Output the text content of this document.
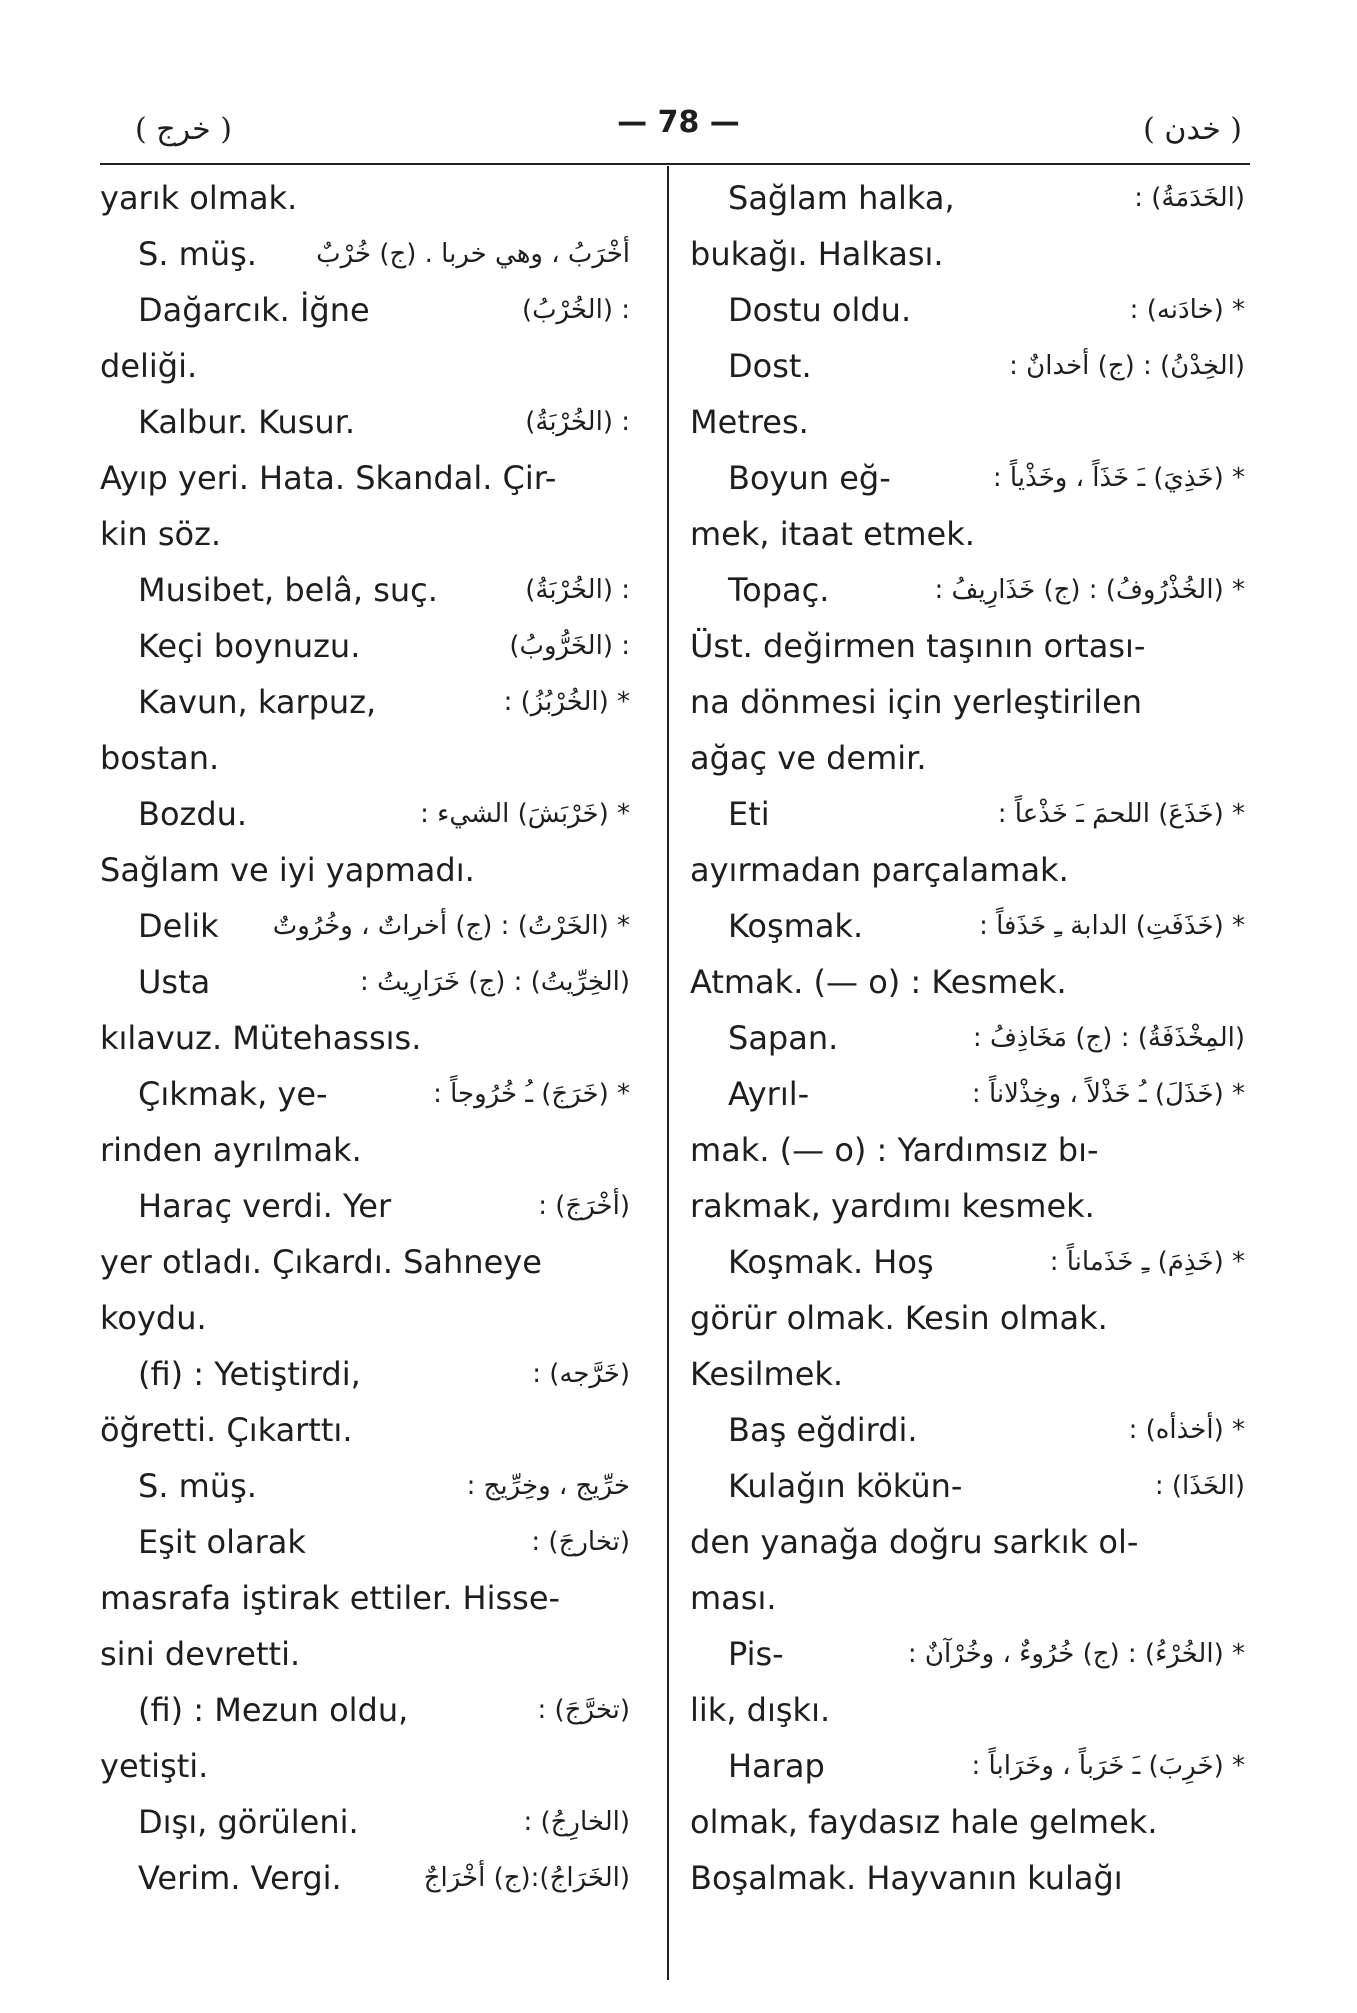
( خرج )	— 78 —	( خدن )
yarık olmak.
S. müş. أخْرَبُ ، وهي خربا . (ج) خُرْبٌ
Dağarcık. İğne	: (الخُرْبُ)
deliği.
Kalbur. Kusur.	: (الخُرْبَةُ)
Ayıp yeri. Hata. Skandal. Çir-
kin söz.
Musibet, belâ, suç.	: (الخُرْبَةُ)
Keçi boynuzu.	: (الخَرُّوبُ)
Kavun, karpuz,	* (الخُرْبُزُ) :
bostan.
Bozdu.	* (خَرْبَشَ) الشيء :
Sağlam ve iyi yapmadı.
Delik * (الخَرْتُ) : (ج) أخراتٌ ، وخُرُوتٌ
Usta	(الخِرِّيتُ) : (ج) خَرَارِيتُ :
kılavuz. Mütehassıs.
Çıkmak, ye-	* (خَرَجَ) ـُ خُرُوجاً :
rinden ayrılmak.
Haraç verdi. Yer	(أخْرَجَ) :
yer otladı. Çıkardı. Sahneye
koydu.
(fi) : Yetiştirdi,	(خَرَّجه) :
öğretti. Çıkarttı.
S. müş.	خرِّيج ، وخِرِّيج :
Eşit olarak	(تخارجَ) :
masrafa iştirak ettiler. Hisse-
sini devretti.
(fi) : Mezun oldu,	(تخرَّجَ) :
yetişti.
Dışı, görüleni.	(الخارِجُ) :
Verim. Vergi.	(الخَرَاجُ):(ج) أخْرَاجٌ
Sağlam halka,	(الخَدَمَةُ) :
bukağı. Halkası.
Dostu oldu.	* (خادَنه) :
Dost.	(الخِدْنُ) : (ج) أخدانٌ :
Metres.
Boyun eğ-	* (خَذِيَ) ـَ خَذَاً ، وخَذْياً :
mek, itaat etmek.
Topaç.	* (الخُذْرُوفُ) : (ج) خَذَارِيفُ :
Üst. değirmen taşının ortası-
na dönmesi için yerleştirilen
ağaç ve demir.
Eti	* (خَذَعَ) اللحمَ ـَ خَذْعاً :
ayırmadan parçalamak.
Koşmak.	* (خَذَفَتِ) الدابة ـِ خَذَفاً :
Atmak. (— o) : Kesmek.
Sapan.	(المِخْذَفَةُ) : (ج) مَخَاذِفُ :
Ayrıl-	* (خَذَلَ) ـُ خَذْلاً ، وخِذْلاناً :
mak. (— o) : Yardımsız bı-
rakmak, yardımı kesmek.
Koşmak. Hoş	* (خَذِمَ) ـِ خَذَماناً :
görür olmak. Kesin olmak.
Kesilmek.
Baş eğdirdi.	* (أخذأه) :
Kulağın kökün-	(الخَذَا) :
den yanağa doğru sarkık ol-
ması.
Pis-	* (الخُرْءُ) : (ج) خُرُوءٌ ، وخُرْآنٌ :
lik, dışkı.
Harap	* (خَرِبَ) ـَ خَرَباً ، وخَرَاباً :
olmak, faydasız hale gelmek.
Boşalmak. Hayvanın kulağı
